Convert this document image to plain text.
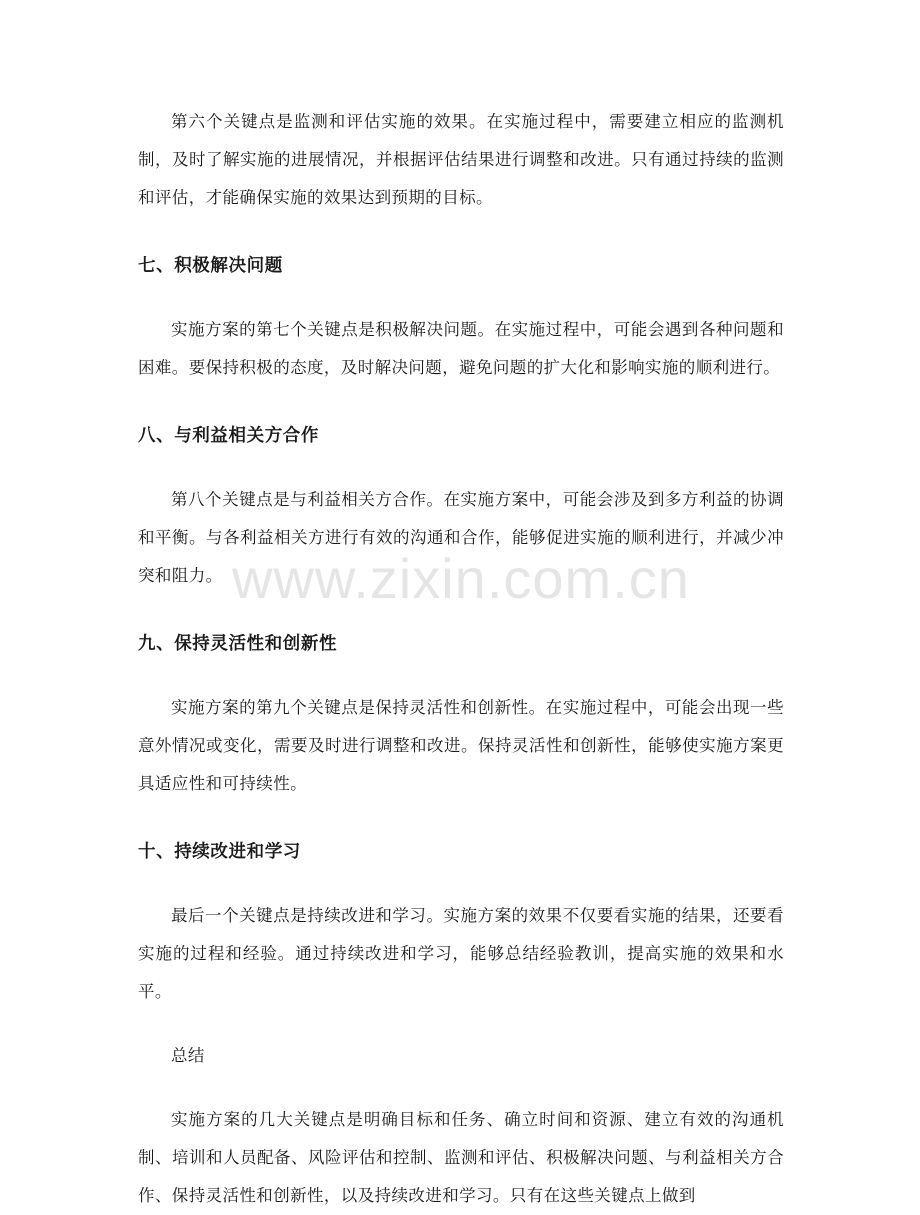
第六个关键点是监测和评估实施的效果。在实施过程中，需要建立相应的监测机制，及时了解实施的进展情况，并根据评估结果进行调整和改进。只有通过持续的监测和评估，才能确保实施的效果达到预期的目标。

七、积极解决问题

实施方案的第七个关键点是积极解决问题。在实施过程中，可能会遇到各种问题和困难。要保持积极的态度，及时解决问题，避免问题的扩大化和影响实施的顺利进行。

八、与利益相关方合作

第八个关键点是与利益相关方合作。在实施方案中，可能会涉及到多方利益的协调和平衡。与各利益相关方进行有效的沟通和合作，能够促进实施的顺利进行，并减少冲突和阻力。

九、保持灵活性和创新性

实施方案的第九个关键点是保持灵活性和创新性。在实施过程中，可能会出现一些意外情况或变化，需要及时进行调整和改进。保持灵活性和创新性，能够使实施方案更具适应性和可持续性。

十、持续改进和学习

最后一个关键点是持续改进和学习。实施方案的效果不仅要看实施的结果，还要看实施的过程和经验。通过持续改进和学习，能够总结经验教训，提高实施的效果和水平。

总结

实施方案的几大关键点是明确目标和任务、确立时间和资源、建立有效的沟通机制、培训和人员配备、风险评估和控制、监测和评估、积极解决问题、与利益相关方合作、保持灵活性和创新性，以及持续改进和学习。只有在这些关键点上做到

www.zixin.com.cn
